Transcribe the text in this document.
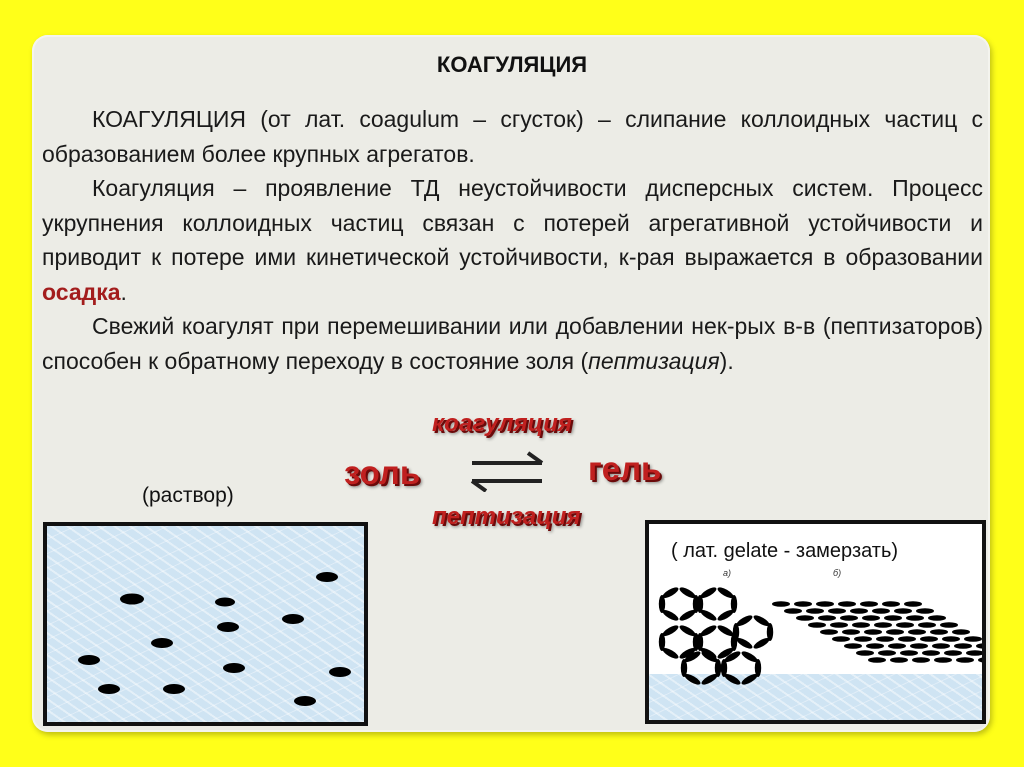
КОАГУЛЯЦИЯ

КОАГУЛЯЦИЯ (от лат. coagulum – сгусток) – слипание коллоидных частиц с образованием более крупных агрегатов.

Коагуляция – проявление ТД неустойчивости дисперсных систем. Процесс укрупнения коллоидных частиц связан с потерей агрегативной устойчивости и приводит к потере ими кинетической устойчивости, к-рая выражается в образовании осадка.

Свежий коагулят при перемешивании или добавлении нек-рых в-в (пептизаторов) способен к обратному переходу в состояние золя (пептизация).

коагуляция
золь	гель
пептизация
(раствор)
( лат. gelate - замерзать)
а)	б)
